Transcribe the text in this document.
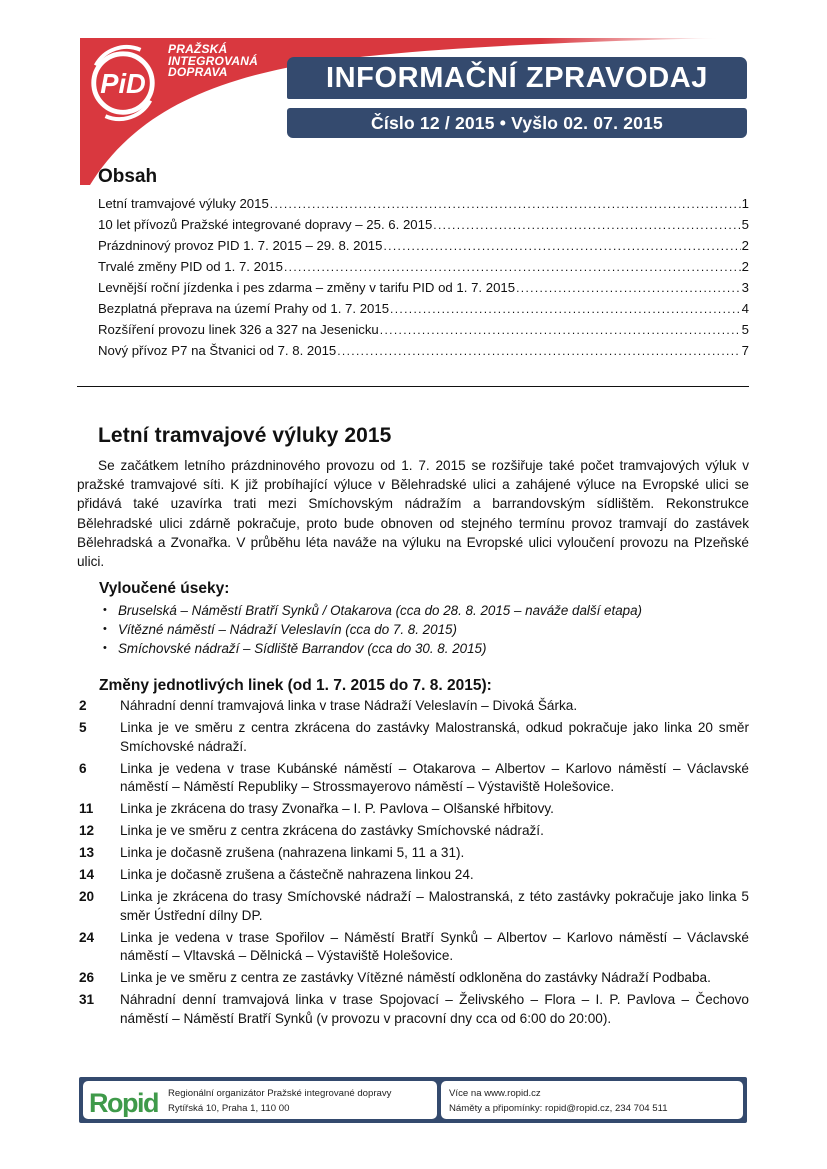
PiD
PRAŽSKÁ
INTEGROVANÁ
DOPRAVA	INFORMAČNÍ ZPRAVODAJ
Číslo 12 / 2015 • Vyšlo 02. 07. 2015
Obsah
Letní tramvajové výluky 2015 .....	1
10 let přívozů Pražské integrované dopravy – 25. 6. 2015 .....	5
Prázdninový provoz PID 1. 7. 2015 – 29. 8. 2015 .....	2
Trvalé změny PID od 1. 7. 2015 .....	2
Levnější roční jízdenka i pes zdarma – změny v tarifu PID od 1. 7. 2015 .....	3
Bezplatná přeprava na území Prahy od 1. 7. 2015 .....	4
Rozšíření provozu linek 326 a 327 na Jesenicku .....	5
Nový přívoz P7 na Štvanici od 7. 8. 2015 .....	7
Letní tramvajové výluky 2015
Se začátkem letního prázdninového provozu od 1. 7. 2015 se rozšiřuje také počet tramvajových výluk v pražské tramvajové síti. K již probíhající výluce v Bělehradské ulici a zahájené výluce na Evropské ulici se přidává také uzavírka trati mezi Smíchovským nádražím a barrandovským sídlištěm. Rekonstrukce Bělehradské ulici zdárně pokračuje, proto bude obnoven od stejného termínu provoz tramvají do zastávek Bělehradská a Zvonařka. V průběhu léta naváže na výluku na Evropské ulici vyloučení provozu na Plzeňské ulici.
Vyloučené úseky:
• Bruselská – Náměstí Bratří Synků / Otakarova (cca do 28. 8. 2015 – naváže další etapa)
• Vítězné náměstí – Nádraží Veleslavín (cca do 7. 8. 2015)
• Smíchovské nádraží – Sídliště Barrandov (cca do 30. 8. 2015)
Změny jednotlivých linek (od 1. 7. 2015 do 7. 8. 2015):
2	Náhradní denní tramvajová linka v trase Nádraží Veleslavín – Divoká Šárka.
5	Linka je ve směru z centra zkrácena do zastávky Malostranská, odkud pokračuje jako linka 20 směr Smíchovské nádraží.
6	Linka je vedena v trase Kubánské náměstí – Otakarova – Albertov – Karlovo náměstí – Václavské náměstí – Náměstí Republiky – Strossmayerovo náměstí – Výstaviště Holešovice.
11	Linka je zkrácena do trasy Zvonařka – I. P. Pavlova – Olšanské hřbitovy.
12	Linka je ve směru z centra zkrácena do zastávky Smíchovské nádraží.
13	Linka je dočasně zrušena (nahrazena linkami 5, 11 a 31).
14	Linka je dočasně zrušena a částečně nahrazena linkou 24.
20	Linka je zkrácena do trasy Smíchovské nádraží – Malostranská, z této zastávky pokračuje jako linka 5 směr Ústřední dílny DP.
24	Linka je vedena v trase Spořilov – Náměstí Bratří Synků – Albertov – Karlovo náměstí – Václavské náměstí – Vltavská – Dělnická – Výstaviště Holešovice.
26	Linka je ve směru z centra ze zastávky Vítězné náměstí odkloněna do zastávky Nádraží Podbaba.
31	Náhradní denní tramvajová linka v trase Spojovací – Želivského – Flora – I. P. Pavlova – Čechovo náměstí – Náměstí Bratří Synků (v provozu v pracovní dny cca od 6:00 do 20:00).
Ropid Regionální organizátor Pražské integrované dopravy
Rytířská 10, Praha 1, 110 00
Více na www.ropid.cz
Náměty a připomínky: ropid@ropid.cz, 234 704 511
